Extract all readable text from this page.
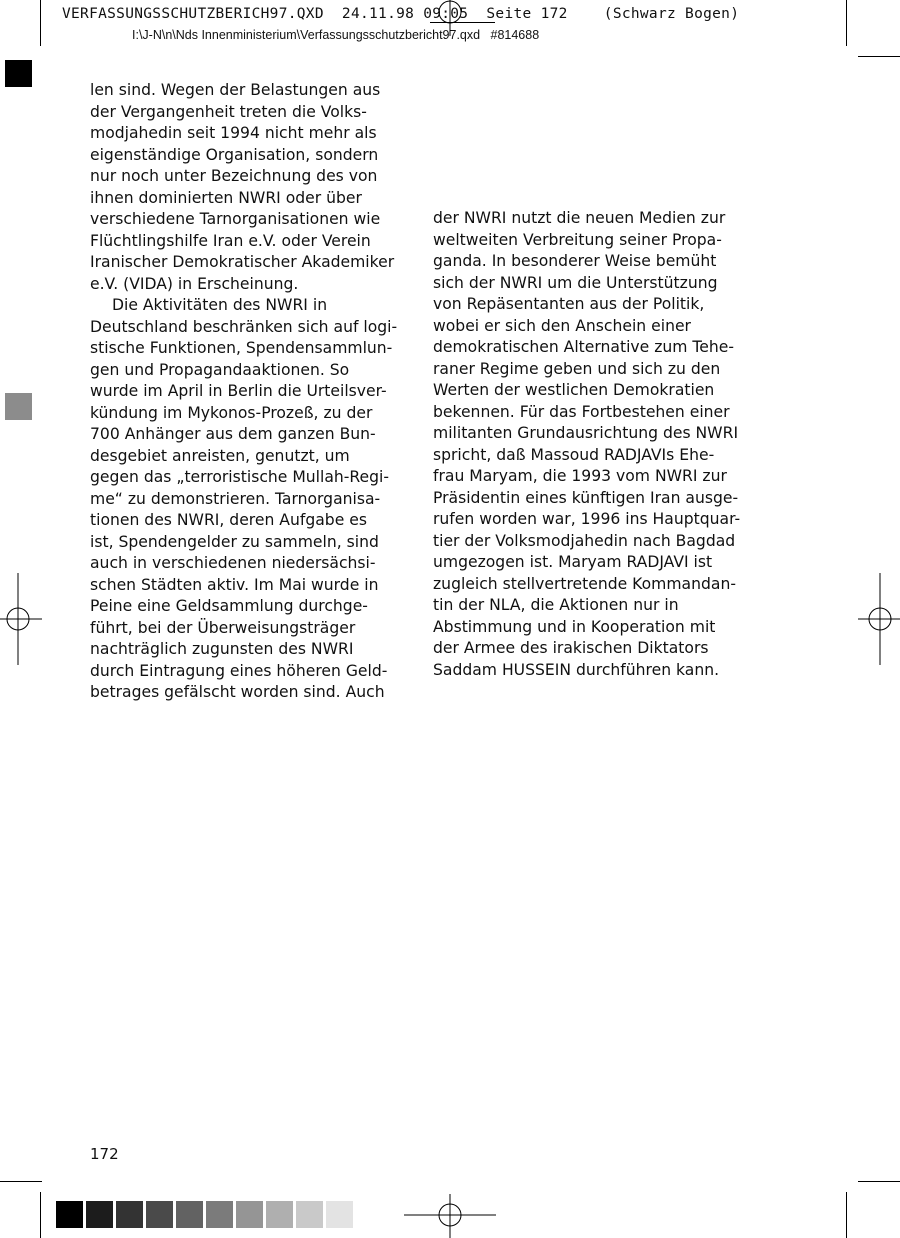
VERFASSUNGSSCHUTZBERICH97.QXD  24.11.98 09:05  Seite 172    (Schwarz Bogen)
I:\J-N\n\Nds Innenministerium\Verfassungsschutzbericht97.qxd   #814688
len sind. Wegen der Belastungen aus
der Vergangenheit treten die Volks-
modjahedin seit 1994 nicht mehr als
eigenständige Organisation, sondern
nur noch unter Bezeichnung des von
ihnen dominierten NWRI oder über
verschiedene Tarnorganisationen wie
Flüchtlingshilfe Iran e.V. oder Verein
Iranischer Demokratischer Akademiker
e.V. (VIDA) in Erscheinung.
Die Aktivitäten des NWRI in
Deutschland beschränken sich auf logi-
stische Funktionen, Spendensammlun-
gen und Propagandaaktionen. So
wurde im April in Berlin die Urteilsver-
kündung im Mykonos-Prozeß, zu der
700 Anhänger aus dem ganzen Bun-
desgebiet anreisten, genutzt, um
gegen das „terroristische Mullah-Regi-
me“ zu demonstrieren. Tarnorganisa-
tionen des NWRI, deren Aufgabe es
ist, Spendengelder zu sammeln, sind
auch in verschiedenen niedersächsi-
schen Städten aktiv. Im Mai wurde in
Peine eine Geldsammlung durchge-
führt, bei der Überweisungsträger
nachträglich zugunsten des NWRI
durch Eintragung eines höheren Geld-
betrages gefälscht worden sind. Auch
der NWRI nutzt die neuen Medien zur
weltweiten Verbreitung seiner Propa-
ganda. In besonderer Weise bemüht
sich der NWRI um die Unterstützung
von Repäsentanten aus der Politik,
wobei er sich den Anschein einer
demokratischen Alternative zum Tehe-
raner Regime geben und sich zu den
Werten der westlichen Demokratien
bekennen. Für das Fortbestehen einer
militanten Grundausrichtung des NWRI
spricht, daß Massoud RADJAVIs Ehe-
frau Maryam, die 1993 vom NWRI zur
Präsidentin eines künftigen Iran ausge-
rufen worden war, 1996 ins Hauptquar-
tier der Volksmodjahedin nach Bagdad
umgezogen ist. Maryam RADJAVI ist
zugleich stellvertretende Kommandan-
tin der NLA, die Aktionen nur in
Abstimmung und in Kooperation mit
der Armee des irakischen Diktators
Saddam HUSSEIN durchführen kann.
172
